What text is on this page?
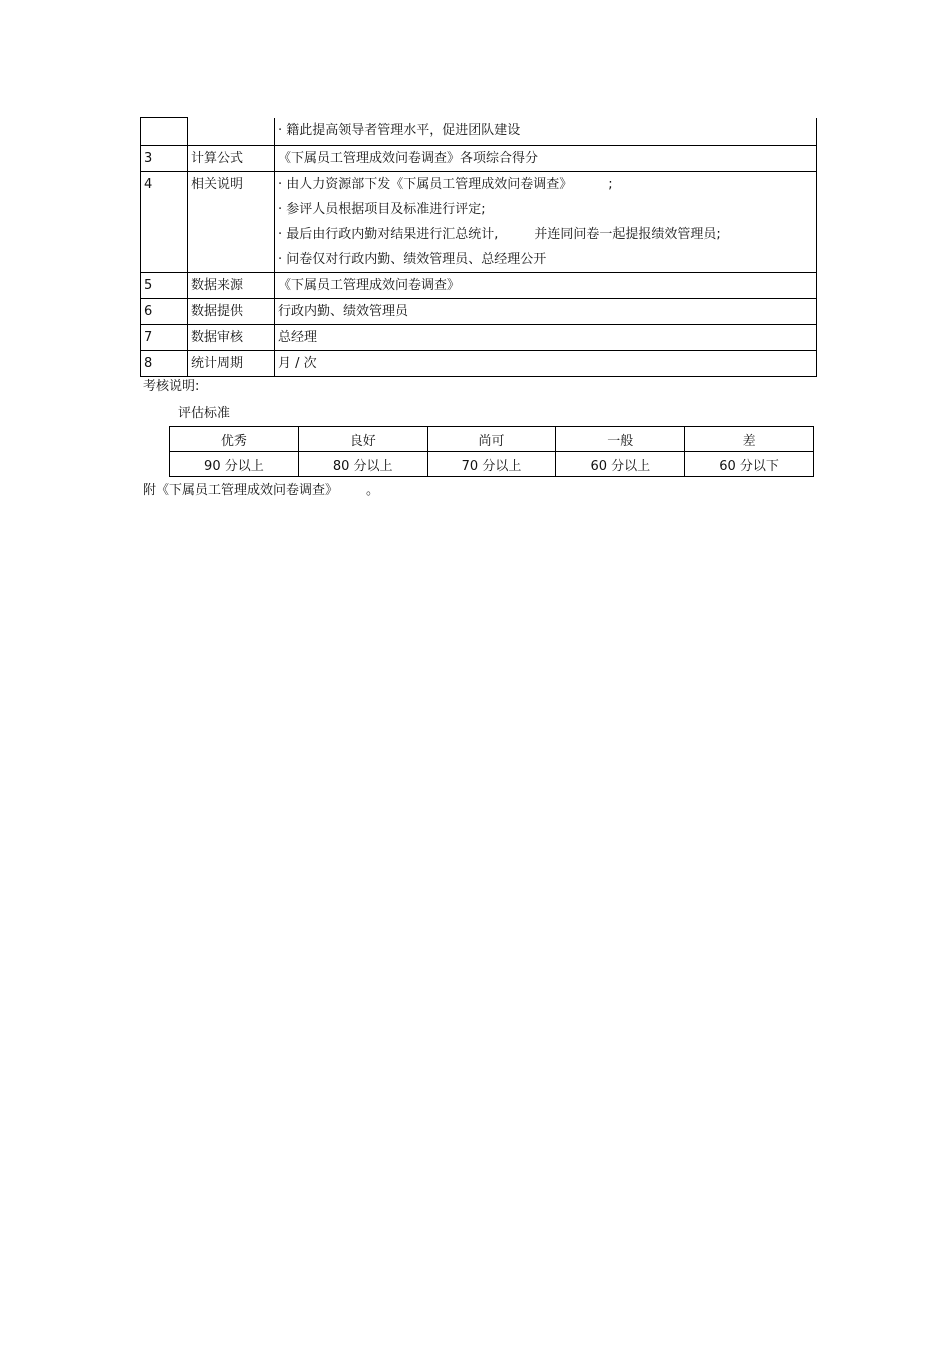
		· 籍此提高领导者管理水平，促进团队建设

3	计算公式	《下属员工管理成效问卷调查》各项综合得分

4	相关说明	· 由人力资源部下发《下属员工管理成效问卷调查》 ;
· 参评人员根据项目及标准进行评定;
· 最后由行政内勤对结果进行汇总统计, 并连同问卷一起提报绩效管理员;
· 问卷仅对行政内勤、绩效管理员、总经理公开

5	数据来源	《下属员工管理成效问卷调查》

6	数据提供	行政内勤、绩效管理员

7	数据审核	总经理

8	统计周期	月 / 次
考核说明:
评估标准
优秀	良好	尚可	一般	差
90 分以上	80 分以上	70 分以上	60 分以上	60 分以下
附《下属员工管理成效问卷调查》 。
